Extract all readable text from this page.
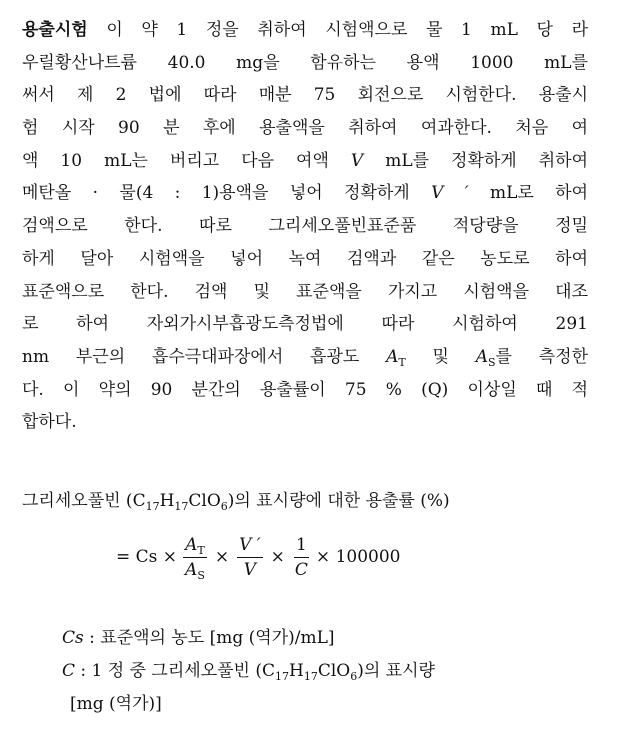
용출시험 이 약 1 정을 취하여 시험액으로 물 1 mL 당 라
우릴황산나트륨 40.0 mg을 함유하는 용액 1000 mL를
써서 제 2 법에 따라 매분 75 회전으로 시험한다. 용출시
험 시작 90 분 후에 용출액을 취하여 여과한다. 처음 여
액 10 mL는 버리고 다음 여액 V mL를 정확하게 취하여
메탄올 · 물(4 : 1)용액을 넣어 정확하게 V ′ mL로 하여
검액으로 한다. 따로 그리세오풀빈표준품 적당량을 정밀
하게 달아 시험액을 넣어 녹여 검액과 같은 농도로 하여
표준액으로 한다. 검액 및 표준액을 가지고 시험액을 대조
로 하여 자외가시부흡광도측정법에 따라 시험하여 291
nm 부근의 흡수극대파장에서 흡광도 $A_T$ 및 $A_S$를 측정한
다. 이 약의 90 분간의 용출률이 75 % (Q) 이상일 때 적
합하다.
그리세오풀빈 $(C_{17}H_{17}ClO_6)$의 표시량에 대한 용출률 (%)
= $Cs \times \frac{A_T}{A_S} \times \frac{V '}{V} \times \frac{1}{C} \times 100000$
Cs : 표준액의 농도 [mg (역가)/mL]
C : 1 정 중 그리세오풀빈 $(C_{17}H_{17}ClO_6)$의 표시량
[mg (역가)]
